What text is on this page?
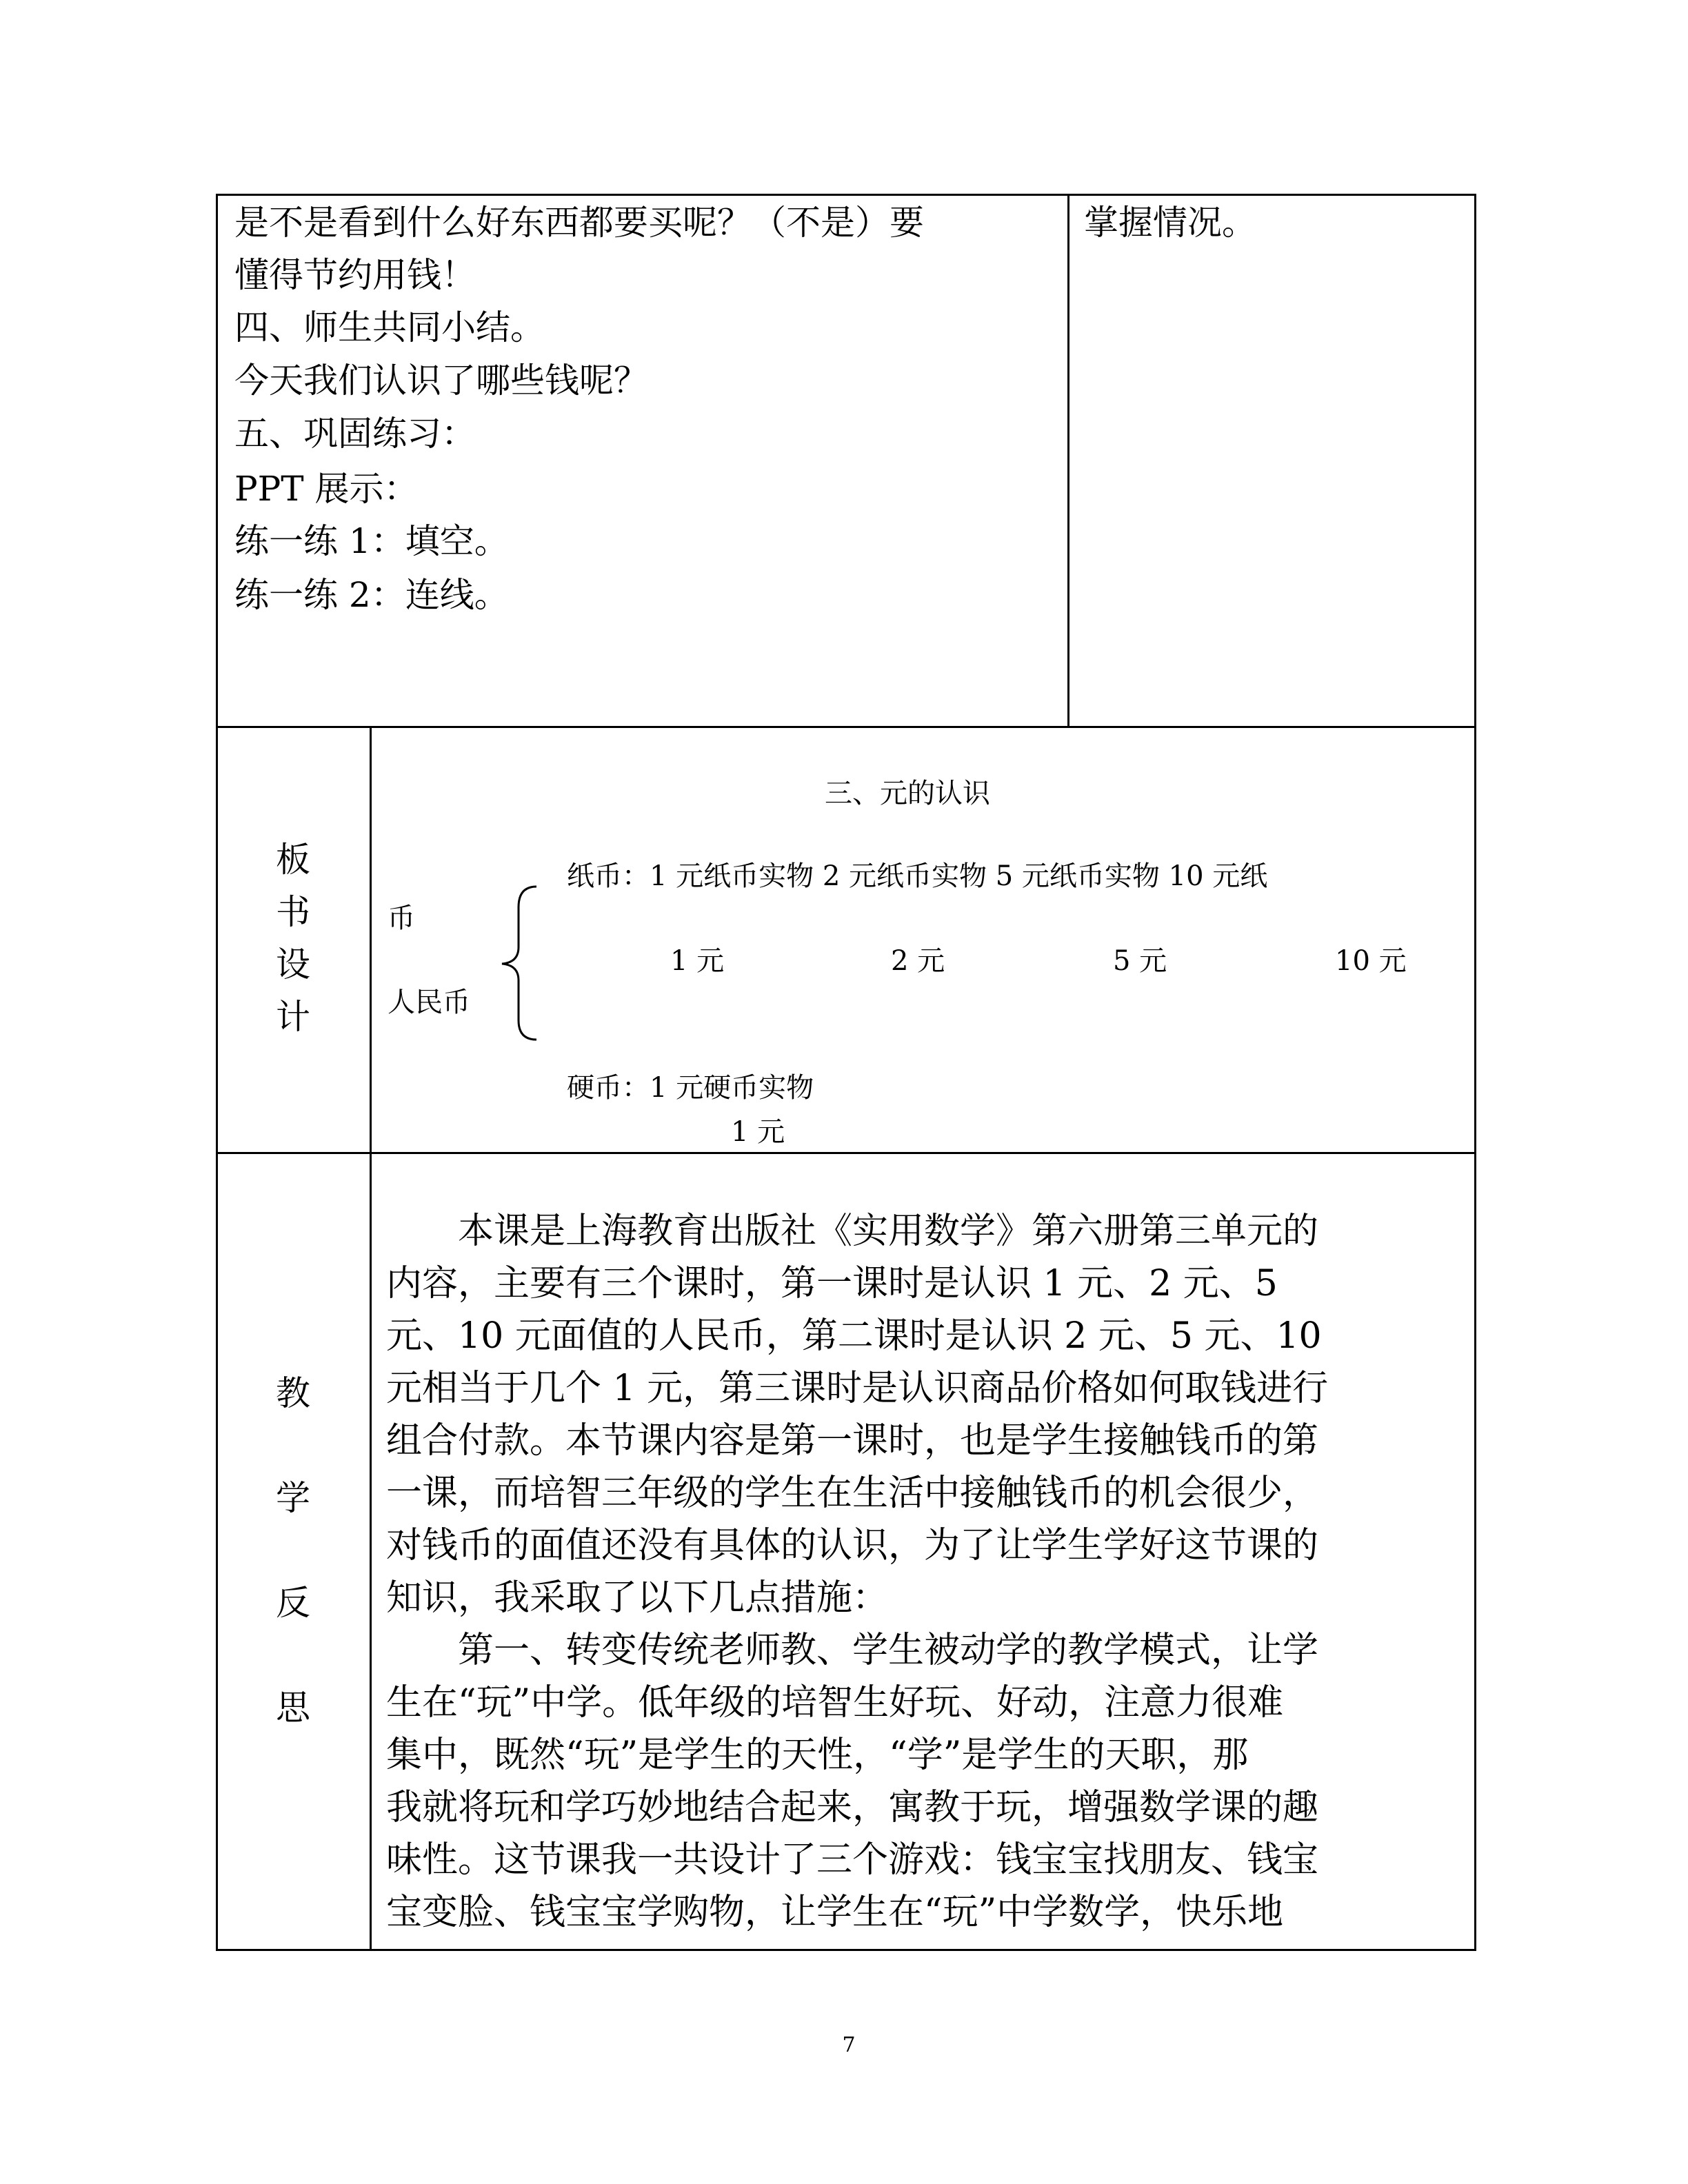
是不是看到什么好东西都要买呢？（不是）要
懂得节约用钱！
四、师生共同小结。
今天我们认识了哪些钱呢？
五、巩固练习：
PPT 展示：
练一练 1：填空。
练一练 2：连线。
掌握情况。
板
书
设
计
三、元的认识
纸币：1 元纸币实物 2 元纸币实物 5 元纸币实物 10 元纸
币
1 元	2 元	5 元	10 元
人民币
硬币：1 元硬币实物
1 元
教
学
反
思
　　本课是上海教育出版社《实用数学》第六册第三单元的
内容，主要有三个课时，第一课时是认识 1 元、2 元、5
元、10 元面值的人民币，第二课时是认识 2 元、5 元、10
元相当于几个 1 元，第三课时是认识商品价格如何取钱进行
组合付款。本节课内容是第一课时，也是学生接触钱币的第
一课，而培智三年级的学生在生活中接触钱币的机会很少，
对钱币的面值还没有具体的认识，为了让学生学好这节课的
知识，我采取了以下几点措施：
　　第一、转变传统老师教、学生被动学的教学模式，让学
生在“玩”中学。低年级的培智生好玩、好动，注意力很难
集中，既然“玩”是学生的天性，“学”是学生的天职，那
我就将玩和学巧妙地结合起来，寓教于玩，增强数学课的趣
味性。这节课我一共设计了三个游戏：钱宝宝找朋友、钱宝
宝变脸、钱宝宝学购物，让学生在“玩”中学数学，快乐地
7
